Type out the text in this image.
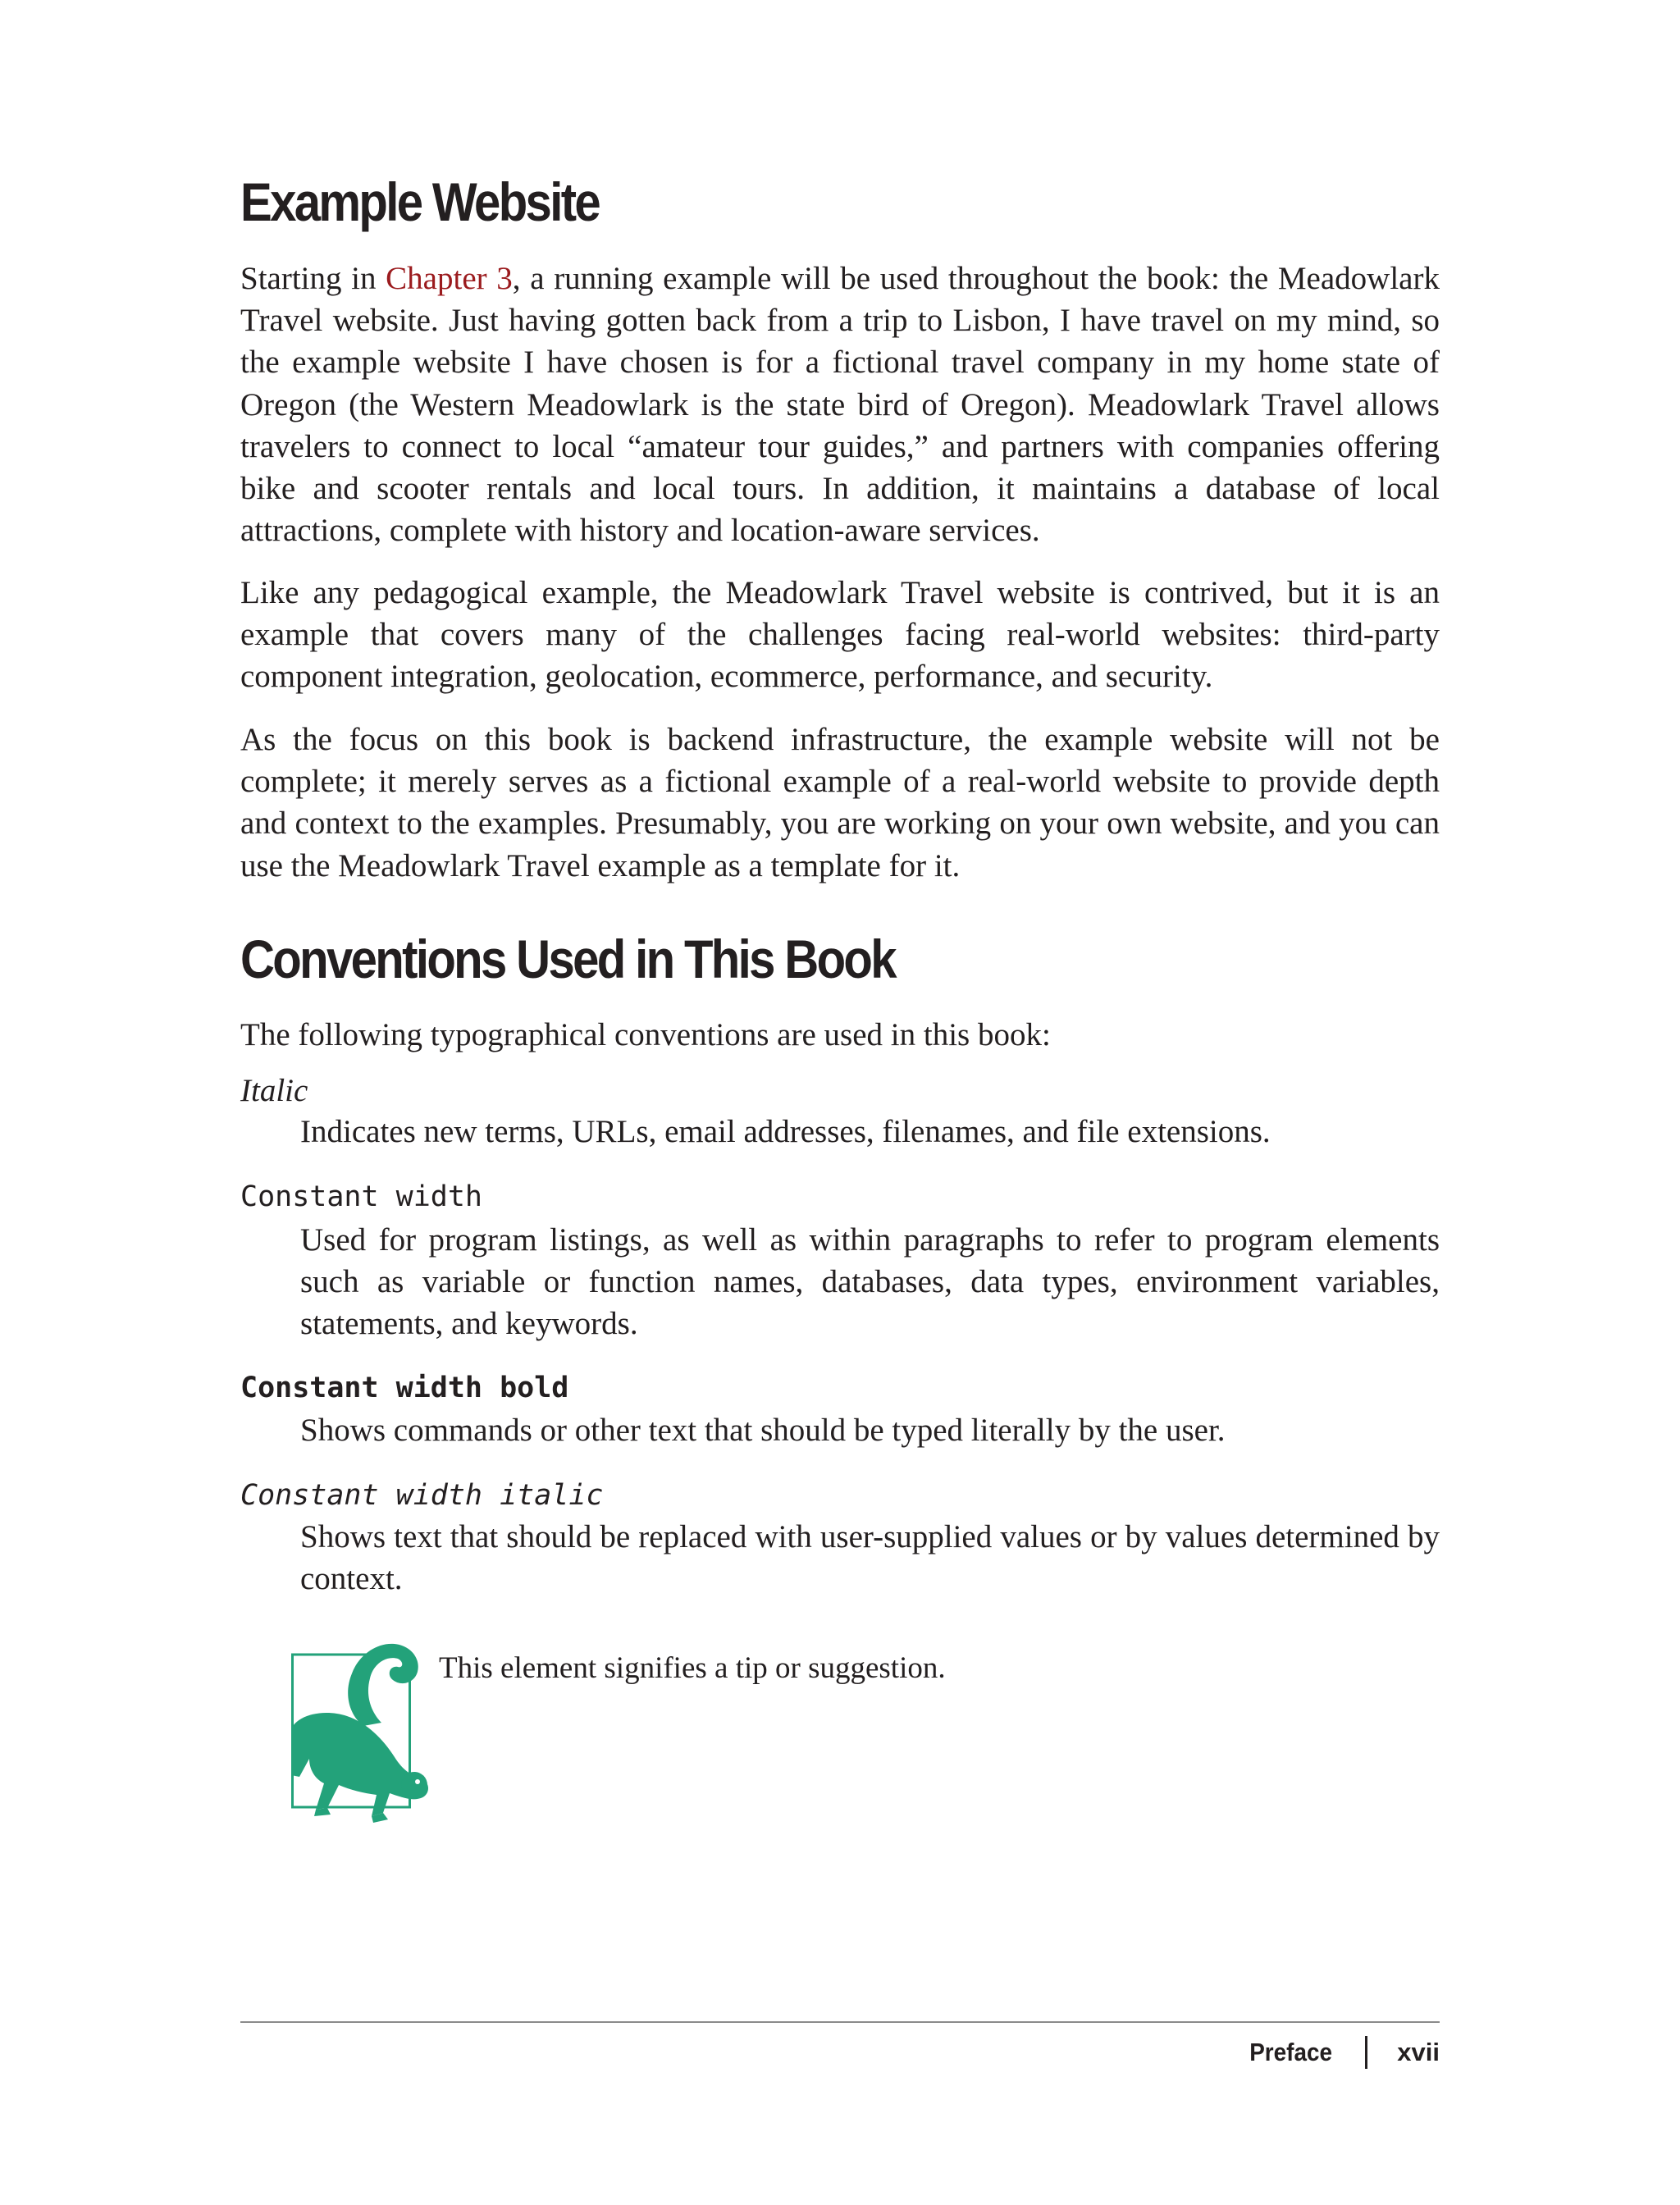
Example Website

Starting in Chapter 3, a running example will be used throughout the book: the Meadowlark Travel website. Just having gotten back from a trip to Lisbon, I have travel on my mind, so the example website I have chosen is for a fictional travel company in my home state of Oregon (the Western Meadowlark is the state bird of Oregon). Meadowlark Travel allows travelers to connect to local “amateur tour guides,” and partners with companies offering bike and scooter rentals and local tours. In addition, it maintains a database of local attractions, complete with history and location-aware services.

Like any pedagogical example, the Meadowlark Travel website is contrived, but it is an example that covers many of the challenges facing real-world websites: third-party component integration, geolocation, ecommerce, performance, and security.

As the focus on this book is backend infrastructure, the example website will not be complete; it merely serves as a fictional example of a real-world website to provide depth and context to the examples. Presumably, you are working on your own website, and you can use the Meadowlark Travel example as a template for it.

Conventions Used in This Book

The following typographical conventions are used in this book:

Italic

Indicates new terms, URLs, email addresses, filenames, and file extensions.

Constant width

Used for program listings, as well as within paragraphs to refer to program elements such as variable or function names, databases, data types, environment variables, statements, and keywords.

Constant width bold

Shows commands or other text that should be typed literally by the user.

Constant width italic

Shows text that should be replaced with user-supplied values or by values determined by context.

This element signifies a tip or suggestion.
Preface	xvii
